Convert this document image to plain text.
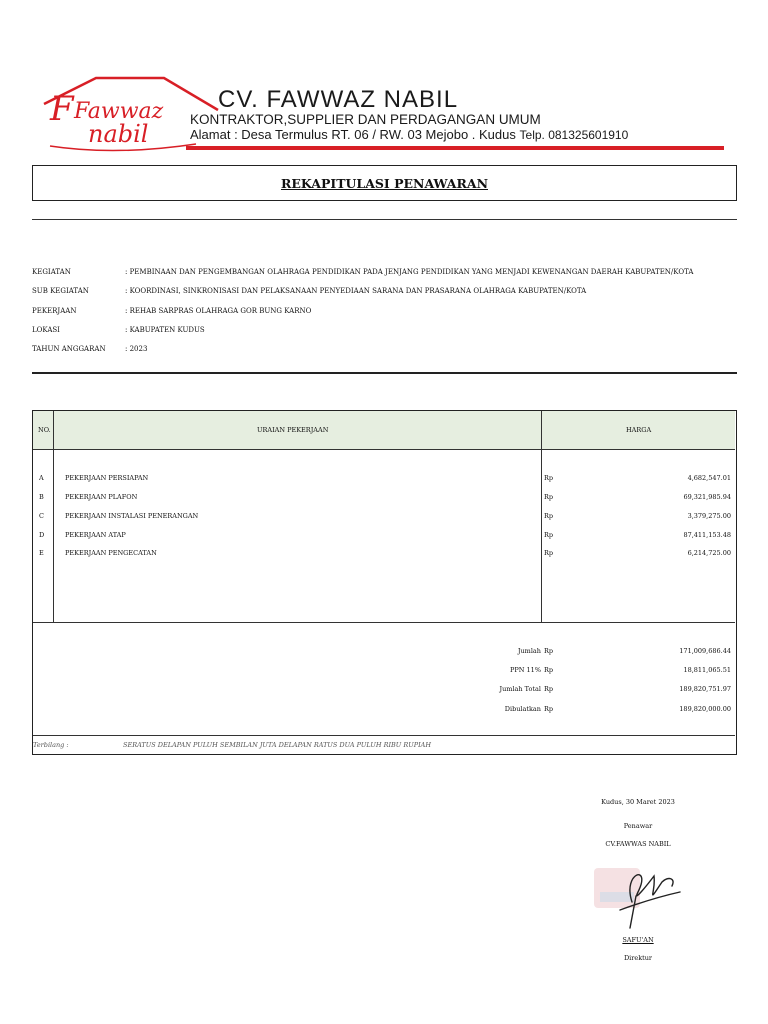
F Fawwaz
nabil
CV. FAWWAZ NABIL
KONTRAKTOR,SUPPLIER DAN PERDAGANGAN UMUM
Alamat : Desa Termulus RT. 06 / RW. 03 Mejobo . Kudus Telp. 081325601910
REKAPITULASI PENAWARAN
KEGIATAN	: PEMBINAAN DAN PENGEMBANGAN OLAHRAGA PENDIDIKAN PADA JENJANG PENDIDIKAN YANG MENJADI KEWENANGAN DAERAH KABUPATEN/KOTA
SUB KEGIATAN	: KOORDINASI, SINKRONISASI DAN PELAKSANAAN PENYEDIAAN SARANA DAN PRASARANA OLAHRAGA KABUPATEN/KOTA
PEKERJAAN	: REHAB SARPRAS OLAHRAGA GOR BUNG KARNO
LOKASI	: KABUPATEN KUDUS
TAHUN ANGGARAN	: 2023
NO.	URAIAN PEKERJAAN	HARGA
A	PEKERJAAN PERSIAPAN	Rp	4,682,547.01
B	PEKERJAAN PLAFON	Rp	69,321,985.94
C	PEKERJAAN INSTALASI PENERANGAN	Rp	3,379,275.00
D	PEKERJAAN ATAP	Rp	87,411,153.48
E	PEKERJAAN PENGECATAN	Rp	6,214,725.00
Jumlah Rp	171,009,686.44
PPN 11% Rp	18,811,065.51
Jumlah Total Rp	189,820,751.97
Dibulatkan Rp	189,820,000.00
Terbilang :	SERATUS DELAPAN PULUH SEMBILAN JUTA DELAPAN RATUS DUA PULUH RIBU RUPIAH
Kudus, 30 Maret 2023
Penawar
CV.FAWWAS NABIL
SAFU'AN
Direktur
